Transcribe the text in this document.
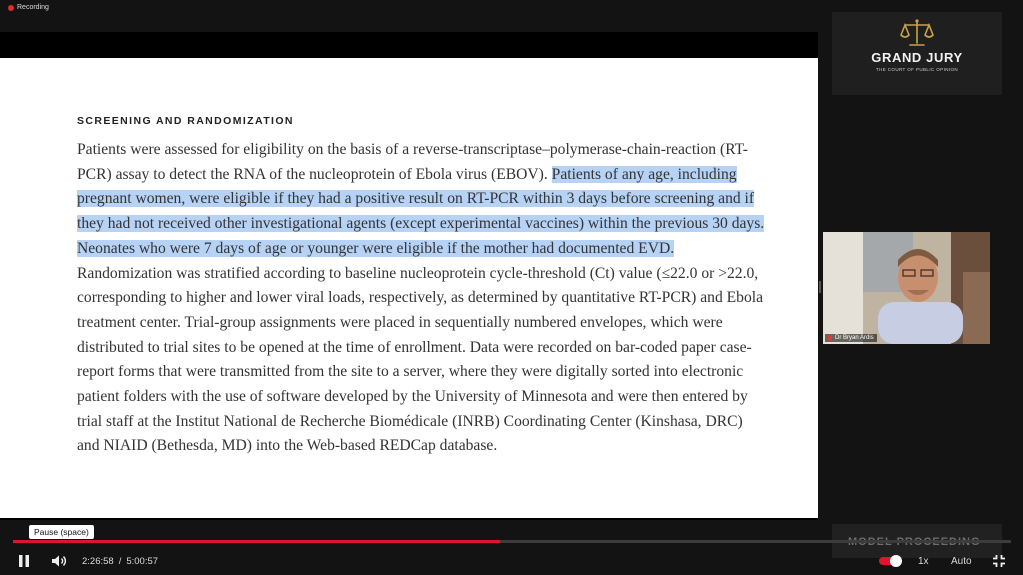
Recording
SCREENING AND RANDOMIZATION

Patients were assessed for eligibility on the basis of a reverse-transcriptase–polymerase-chain-reaction (RT-PCR) assay to detect the RNA of the nucleoprotein of Ebola virus (EBOV). Patients of any age, including pregnant women, were eligible if they had a positive result on RT-PCR within 3 days before screening and if they had not received other investigational agents (except experimental vaccines) within the previous 30 days. Neonates who were 7 days of age or younger were eligible if the mother had documented EVD. Randomization was stratified according to baseline nucleoprotein cycle-threshold (Ct) value (≤22.0 or >22.0, corresponding to higher and lower viral loads, respectively, as determined by quantitative RT-PCR) and Ebola treatment center. Trial-group assignments were placed in sequentially numbered envelopes, which were distributed to trial sites to be opened at the time of enrollment. Data were recorded on bar-coded paper case-report forms that were transmitted from the site to a server, where they were digitally sorted into electronic patient folders with the use of software developed by the University of Minnesota and were then entered by trial staff at the Institut National de Recherche Biomédicale (INRB) Coordinating Center (Kinshasa, DRC) and NIAID (Bethesda, MD) into the Web-based REDCap database.

GRAND JURY
THE COURT OF PUBLIC OPINION
Dr Bryan Ardis
Pause (space)
2:26:58 / 5:00:57	1x Auto
